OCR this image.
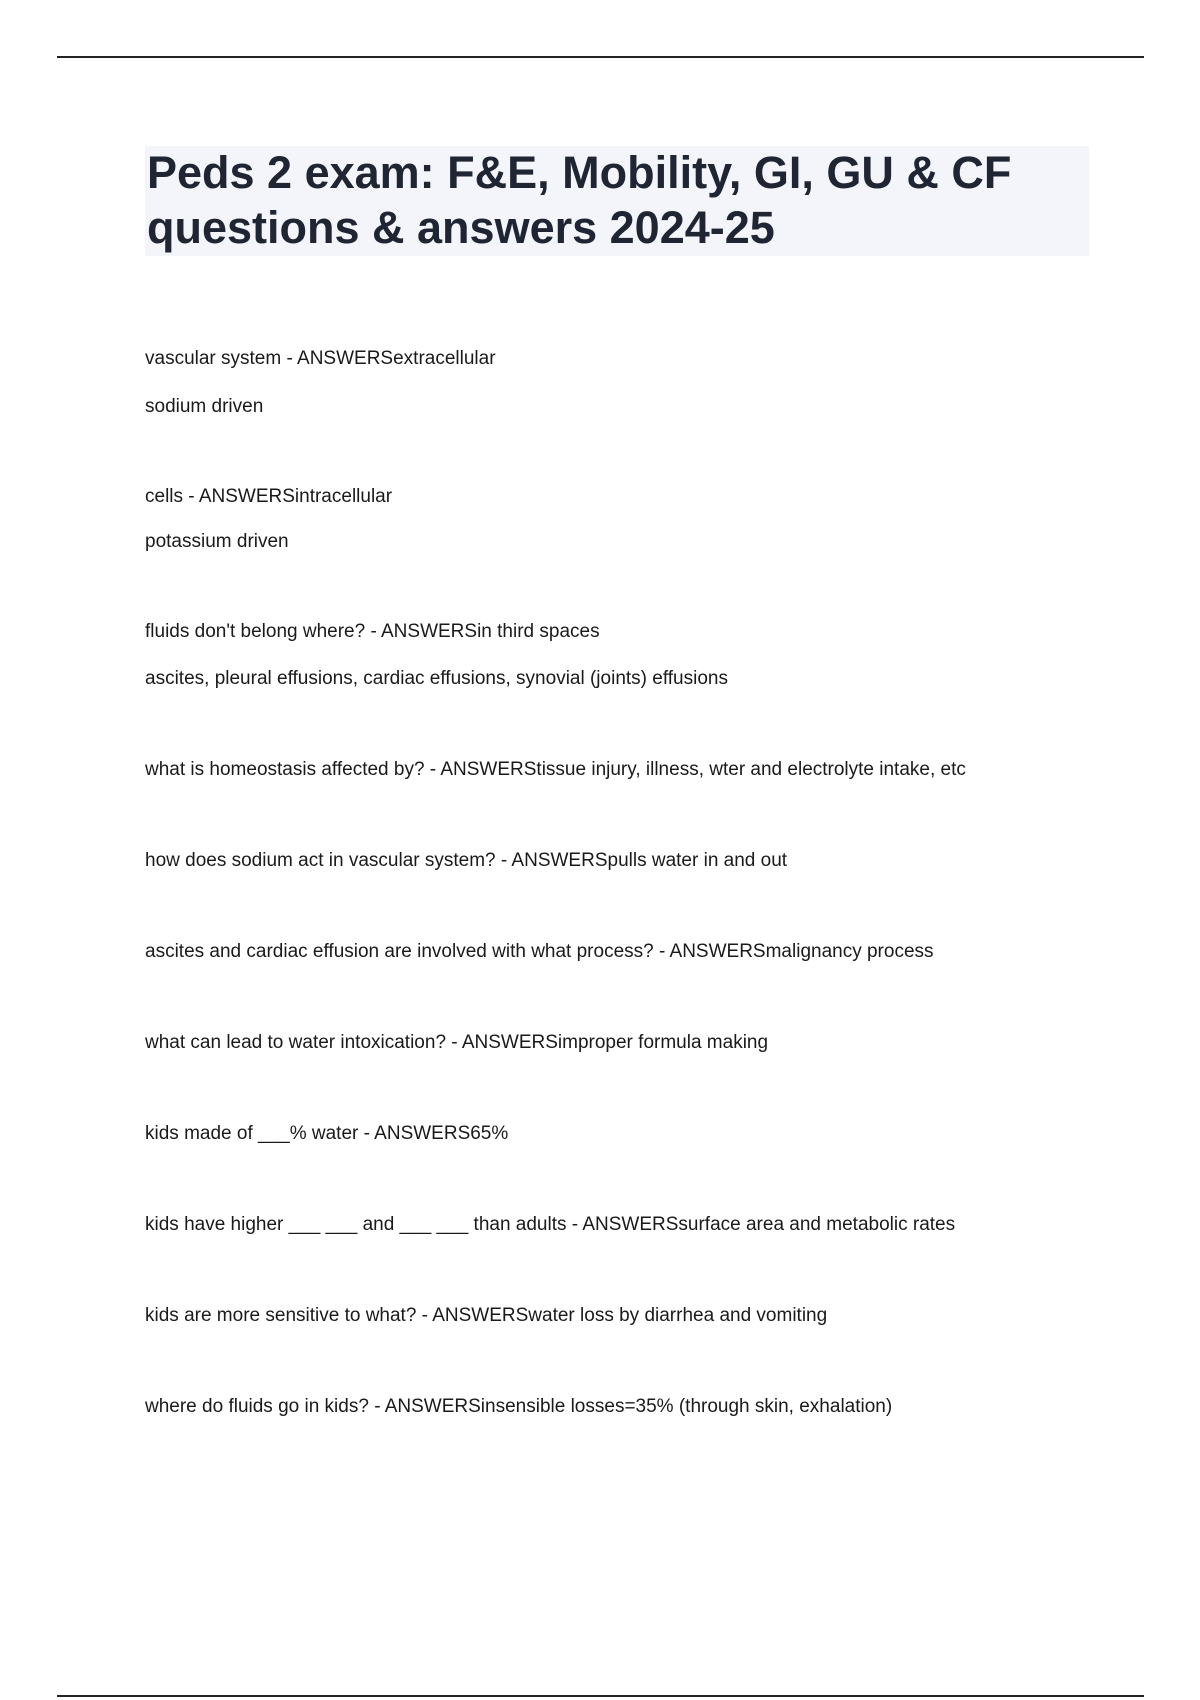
Peds 2 exam: F&E, Mobility, GI, GU & CF
questions & answers 2024-25
vascular system - ANSWERSextracellular
sodium driven
cells - ANSWERSintracellular
potassium driven
fluids don't belong where? - ANSWERSin third spaces
ascites, pleural effusions, cardiac effusions, synovial (joints) effusions
what is homeostasis affected by? - ANSWERStissue injury, illness, wter and electrolyte intake, etc
how does sodium act in vascular system? - ANSWERSpulls water in and out
ascites and cardiac effusion are involved with what process? - ANSWERSmalignancy process
what can lead to water intoxication? - ANSWERSimproper formula making
kids made of ___% water - ANSWERS65%
kids have higher ___ ___ and ___ ___ than adults - ANSWERSsurface area and metabolic rates
kids are more sensitive to what? - ANSWERSwater loss by diarrhea and vomiting
where do fluids go in kids? - ANSWERSinsensible losses=35% (through skin, exhalation)
